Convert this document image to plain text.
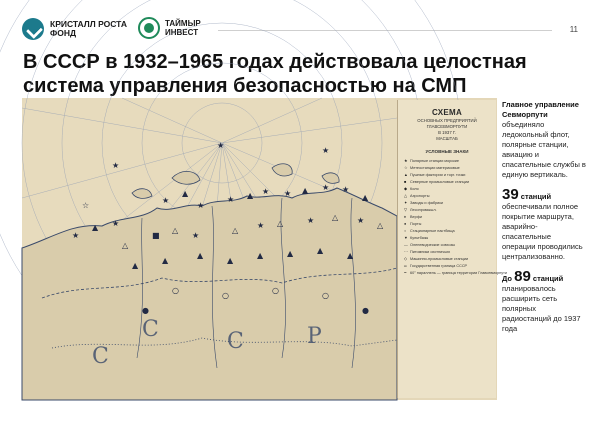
КРИСТАЛЛ РОСТА
ФОНД
ТАЙМЫР
ИНВЕСТ	11
В СССР в 1932–1965 годах действовала целостная система управления безопасностью на СМП
★
★
▲
★
★ ▲ ★ ★ ▲ ★ ★
▲
★
▲
★
△
■
△
★
△
★ △	★ △ ★
△
▲
▲
▲
▲
▲	▲	▲
▲
○
○
○
○
●	●
★
☆
★
С	С	Р
С
СХЕМА
ОСНОВНЫХ ПРЕДПРИЯТИЙ
ГЛАВСЕВМОРПУТИ
В 1937 Г.
МАСШТАБ
УСЛОВНЫЕ ЗНАКИ
★ Полярные станции морские
☆ Метеостанции материковые
▲ Пушные фактории и торг. точки
■ Северные промысловые станции
◆ Коля
△ Аэропорты
✦ Заводы и фабрики
▽ Лесопромышл.
♦ Верфи
● Порты
○ Стационарные пастбища
▼ Культбазы
— Оленеводческие совхозы
⋯ Питомники охотничьих
◇ Машинно-промысловые станции
═ Государственная граница СССР
┅ 60° параллель — граница территории Главсевморпути
Главное управление Севморпути объединяло ледокольный флот, полярные станции, авиацию и спасательные службы в единую вертикаль.
39 станций обеспечивали полное покрытие маршрута, аварийно-спасательные операции проводились централизованно.
До 89 станций планировалось расширить сеть полярных радиостанций до 1937 года
